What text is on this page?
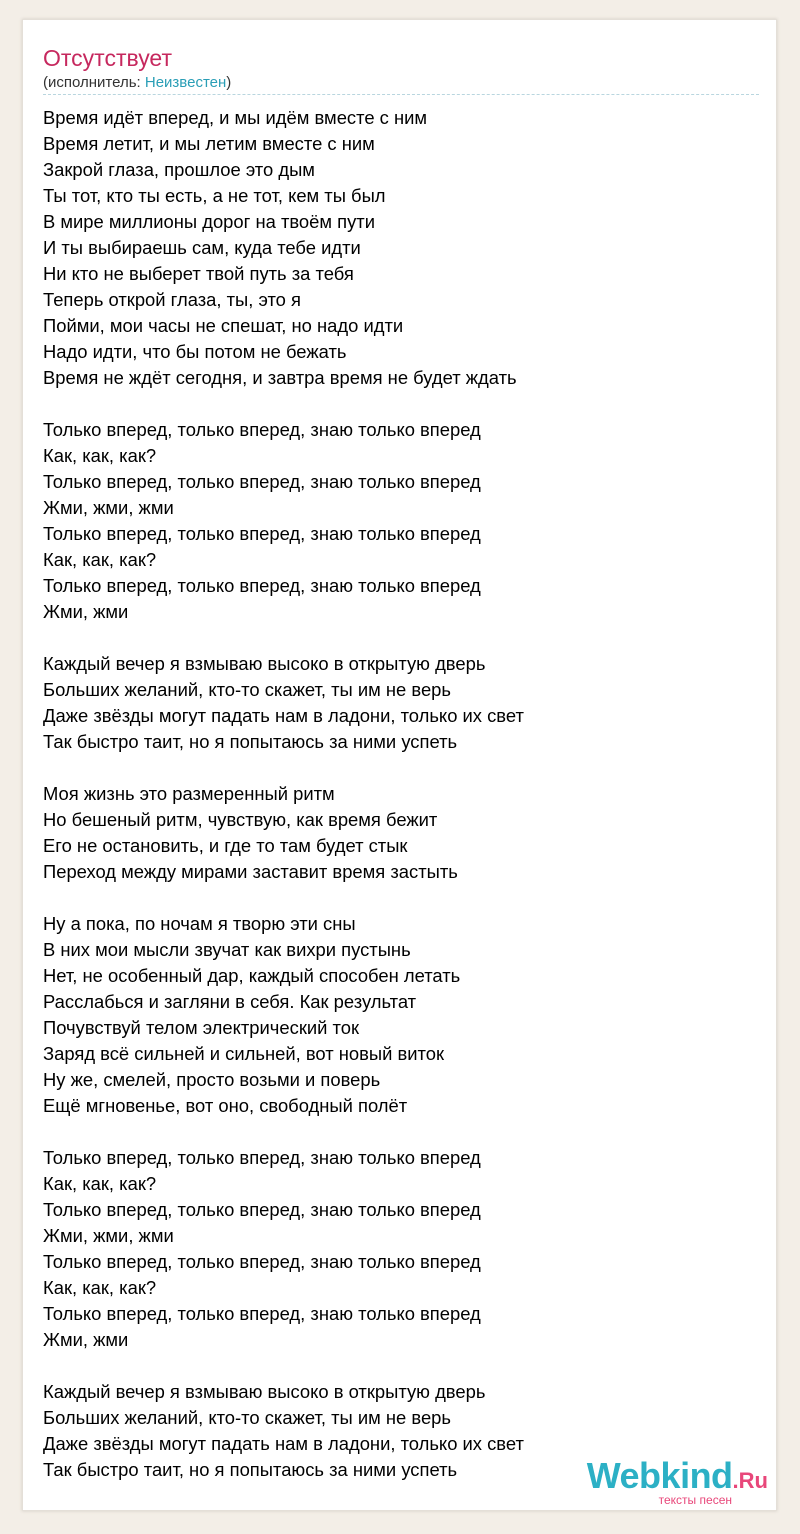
Отсутствует
(исполнитель: Неизвестен)
Время идёт вперед, и мы идём вместе с ним
Время летит, и мы летим вместе с ним
Закрой глаза, прошлое это дым
Ты тот, кто ты есть, а не тот, кем ты был
В мире миллионы дорог на твоём пути
И ты выбираешь сам, куда тебе идти
Ни кто не выберет твой путь за тебя
Теперь открой глаза, ты, это я
Пойми, мои часы не спешат, но надо идти
Надо идти, что бы потом не бежать
Время не ждёт сегодня, и завтра время не будет ждать
Только вперед, только вперед, знаю только вперед
Как, как, как?
Только вперед, только вперед, знаю только вперед
Жми, жми, жми
Только вперед, только вперед, знаю только вперед
Как, как, как?
Только вперед, только вперед, знаю только вперед
Жми, жми
Каждый вечер я взмываю высоко в открытую дверь
Больших желаний, кто-то скажет, ты им не верь
Даже звёзды могут падать нам в ладони, только их свет
Так быстро таит, но я попытаюсь за ними успеть
Моя жизнь это размеренный ритм
Но бешеный ритм, чувствую, как время бежит
Его не остановить, и где то там будет стык
Переход между мирами заставит время застыть
Ну а пока, по ночам я творю эти сны
В них мои мысли звучат как вихри пустынь
Нет, не особенный дар, каждый способен летать
Расслабься и загляни в себя. Как результат
Почувствуй телом электрический ток
Заряд всё сильней и сильней, вот новый виток
Ну же, смелей, просто возьми и поверь
Ещё мгновенье, вот оно, свободный полёт
Только вперед, только вперед, знаю только вперед
Как, как, как?
Только вперед, только вперед, знаю только вперед
Жми, жми, жми
Только вперед, только вперед, знаю только вперед
Как, как, как?
Только вперед, только вперед, знаю только вперед
Жми, жми
Каждый вечер я взмываю высоко в открытую дверь
Больших желаний, кто-то скажет, ты им не верь
Даже звёзды могут падать нам в ладони, только их свет
Так быстро таит, но я попытаюсь за ними успеть	Webkind.Ru
тексты песен
